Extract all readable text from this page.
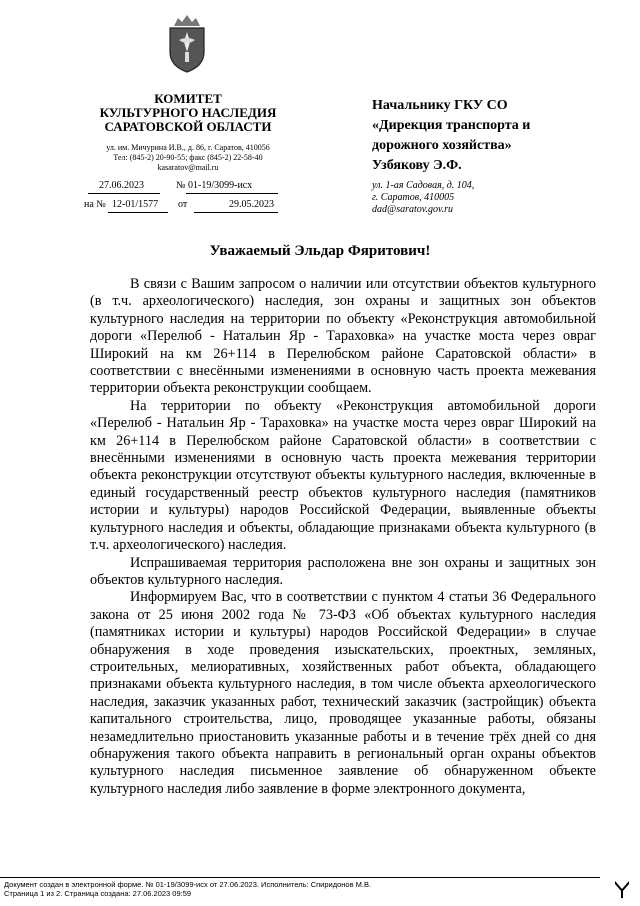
КОМИТЕТ
КУЛЬТУРНОГО НАСЛЕДИЯ
САРАТОВСКОЙ ОБЛАСТИ
ул. им. Мичурина И.В., д. 86, г. Саратов, 410056
Тел: (845-2) 20-90-55; факс (845-2) 22-58-40
kasaratov@mail.ru
27.06.2023	№ 01-19/3099-исх
на № 12-01/1577 от	29.05.2023
Начальнику ГКУ СО
«Дирекция транспорта и
дорожного хозяйства»
Узбякову Э.Ф.
ул. 1-ая Садовая, д. 104,
г. Саратов, 410005
dad@saratov.gov.ru
Уважаемый Эльдар Фяритович!

В связи с Вашим запросом о наличии или отсутствии объектов культурного (в т.ч. археологического) наследия, зон охраны и защитных зон объектов культурного наследия на территории по объекту «Реконструкция автомобильной дороги «Перелюб - Натальин Яр - Тараховка» на участке моста через овраг Широкий на км 26+114 в Перелюбском районе Саратовской области» в соответствии с внесёнными изменениями в основную часть проекта межевания территории объекта реконструкции сообщаем.

На территории по объекту «Реконструкция автомобильной дороги «Перелюб - Натальин Яр - Тараховка» на участке моста через овраг Широкий на км 26+114 в Перелюбском районе Саратовской области» в соответствии с внесёнными изменениями в основную часть проекта межевания территории объекта реконструкции отсутствуют объекты культурного наследия, включенные в единый государственный реестр объектов культурного наследия (памятников истории и культуры) народов Российской Федерации, выявленные объекты культурного наследия и объекты, обладающие признаками объекта культурного (в т.ч. археологического) наследия.

Испрашиваемая территория расположена вне зон охраны и защитных зон объектов культурного наследия.

Информируем Вас, что в соответствии с пунктом 4 статьи 36 Федерального закона от 25 июня 2002 года № 73-ФЗ «Об объектах культурного наследия (памятниках истории и культуры) народов Российской Федерации» в случае обнаружения в ходе проведения изыскательских, проектных, земляных, строительных, мелиоративных, хозяйственных работ объекта, обладающего признаками объекта культурного наследия, в том числе объекта археологического наследия, заказчик указанных работ, технический заказчик (застройщик) объекта капитального строительства, лицо, проводящее указанные работы, обязаны незамедлительно приостановить указанные работы и в течение трёх дней со дня обнаружения такого объекта направить в региональный орган охраны объектов культурного наследия письменное заявление об обнаруженном объекте культурного наследия либо заявление в форме электронного документа,

Документ создан в электронной форме. № 01-19/3099-исх от 27.06.2023. Исполнитель: Спиридонов М.В.
Страница 1 из 2. Страница создана: 27.06.2023 09:59
